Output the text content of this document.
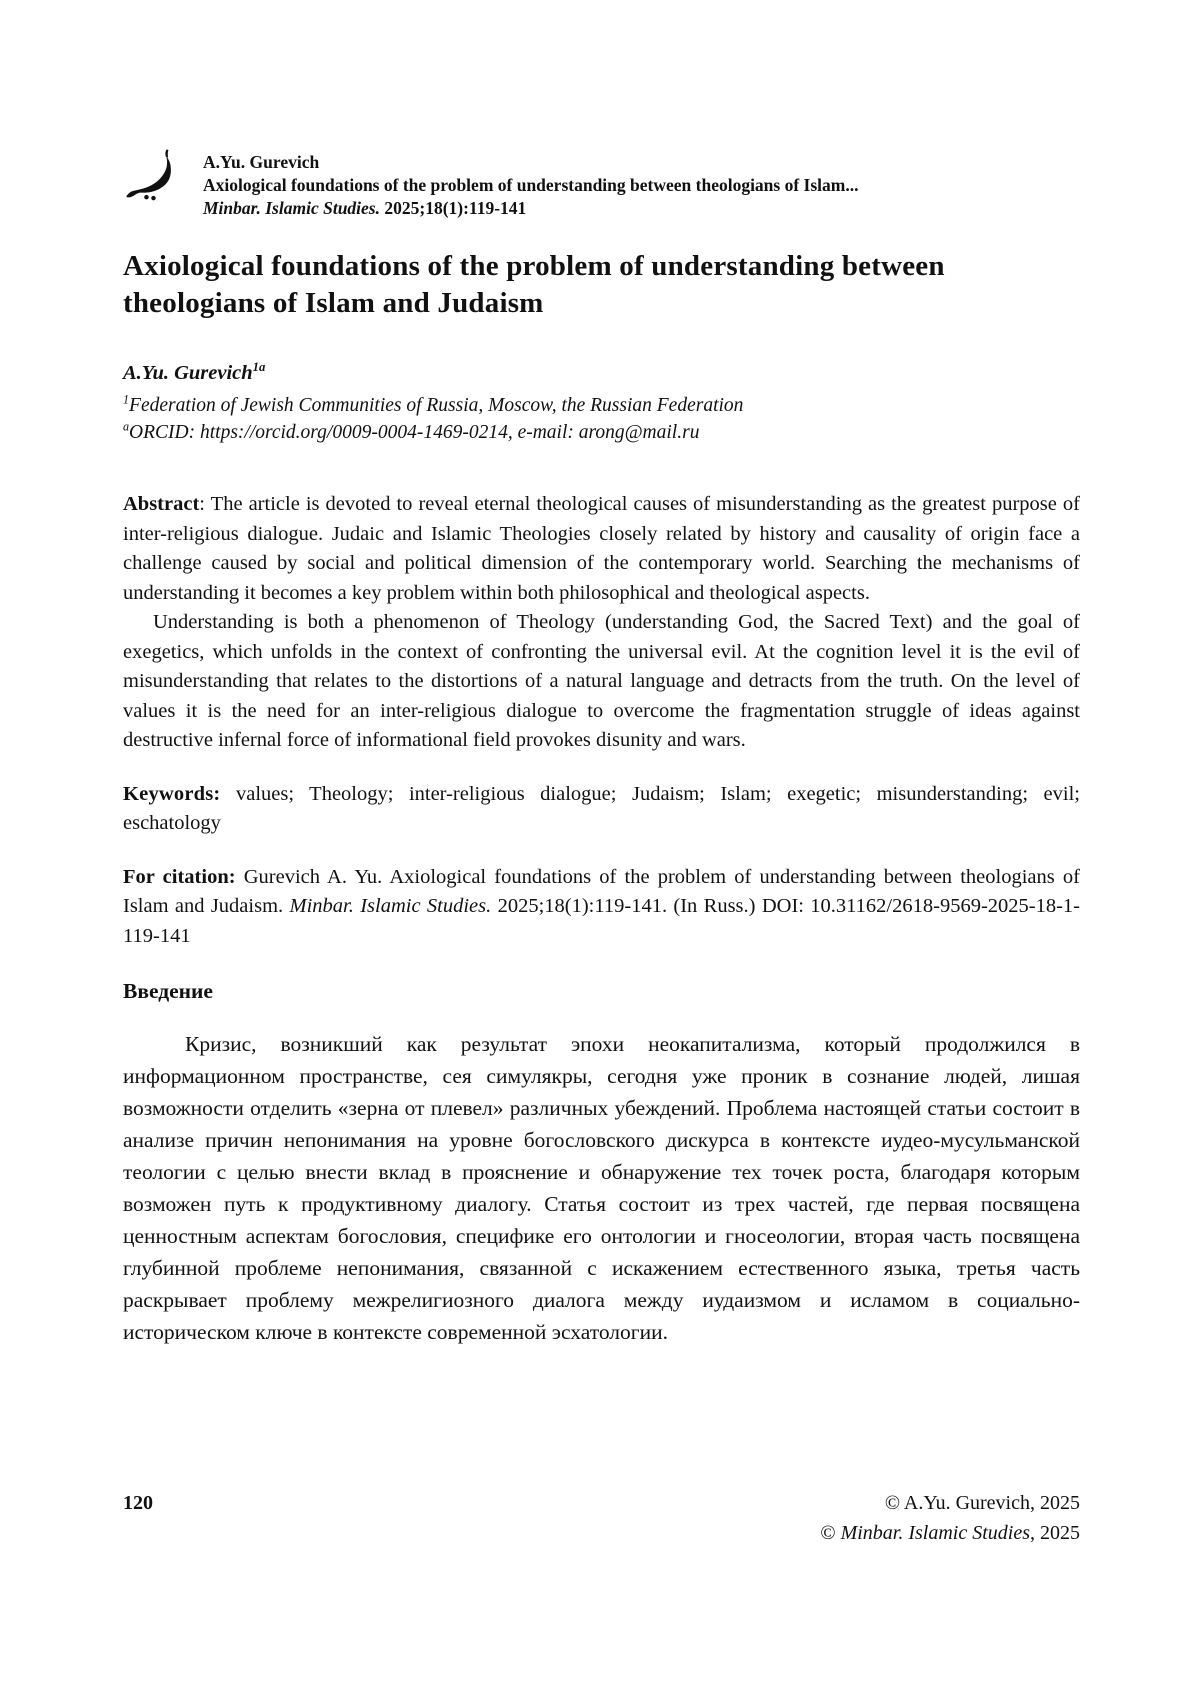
A.Yu. Gurevich
Axiological foundations of the problem of understanding between theologians of Islam...
Minbar. Islamic Studies. 2025;18(1):119-141
Axiological foundations of the problem of understanding between theologians of Islam and Judaism
A.Yu. Gurevich$^{1a}$
$^1$Federation of Jewish Communities of Russia, Moscow, the Russian Federation
$^a$ORCID: https://orcid.org/0009-0004-1469-0214, e-mail: arong@mail.ru

Abstract: The article is devoted to reveal eternal theological causes of misunderstanding as the greatest purpose of inter-religious dialogue. Judaic and Islamic Theologies closely related by history and causality of origin face a challenge caused by social and political dimension of the contemporary world. Searching the mechanisms of understanding it becomes a key problem within both philosophical and theological aspects.

Understanding is both a phenomenon of Theology (understanding God, the Sacred Text) and the goal of exegetics, which unfolds in the context of confronting the universal evil. At the cognition level it is the evil of misunderstanding that relates to the distortions of a natural language and detracts from the truth. On the level of values it is the need for an inter-religious dialogue to overcome the fragmentation struggle of ideas against destructive infernal force of informational field provokes disunity and wars.

Keywords: values; Theology; inter-religious dialogue; Judaism; Islam; exegetic; misunderstanding; evil; eschatology

For citation: Gurevich A. Yu. Axiological foundations of the problem of understanding between theologians of Islam and Judaism. Minbar. Islamic Studies. 2025;18(1):119-141. (In Russ.) DOI: 10.31162/2618-9569-2025-18-1-119-141

Введение

Кризис, возникший как результат эпохи неокапитализма, который продолжился в информационном пространстве, сея симулякры, сегодня уже проник в сознание людей, лишая возможности отделить «зерна от плевел» различных убеждений. Проблема настоящей статьи состоит в анализе причин непонимания на уровне богословского дискурса в контексте иудео-мусульманской теологии с целью внести вклад в прояснение и обнаружение тех точек роста, благодаря которым возможен путь к продуктивному диалогу. Статья состоит из трех частей, где первая посвящена ценностным аспектам богословия, специфике его онтологии и гносеологии, вторая часть посвящена глубинной проблеме непонимания, связанной с искажением естественного языка, третья часть раскрывает проблему межрелигиозного диалога между иудаизмом и исламом в социально-историческом ключе в контексте современной эсхатологии.

120	© A.Yu. Gurevich, 2025
© Minbar. Islamic Studies, 2025
